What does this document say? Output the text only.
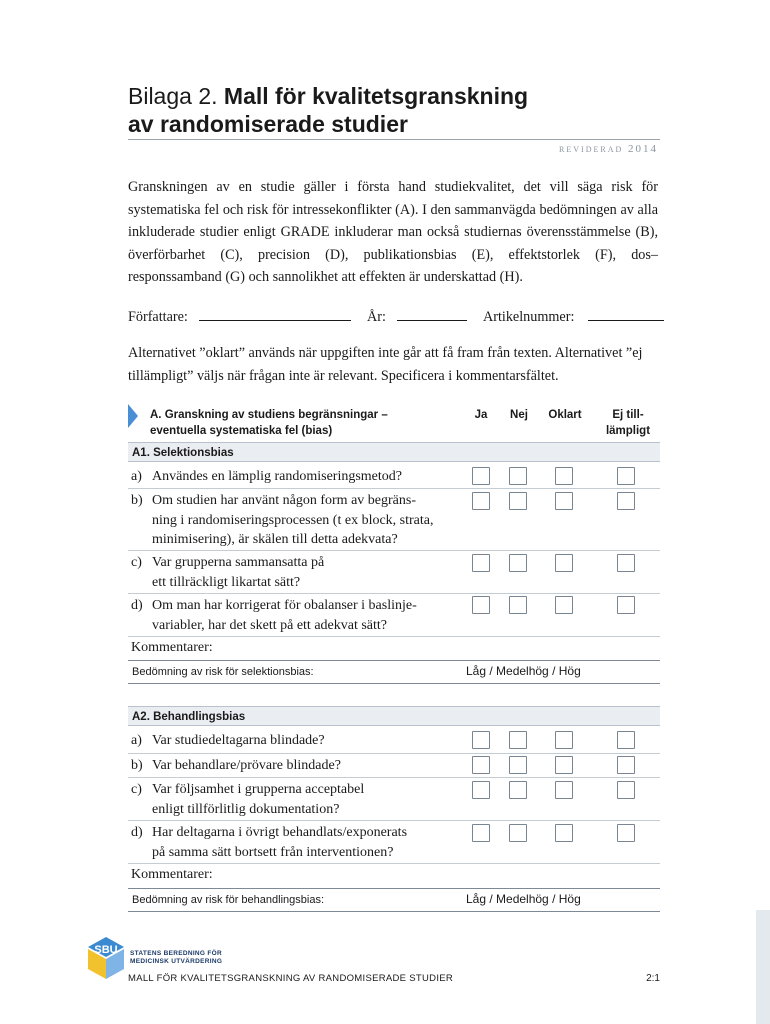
Bilaga 2. Mall för kvalitetsgranskning
av randomiserade studier
reviderad 2014
Granskningen av en studie gäller i första hand studiekvalitet, det vill säga risk för systematiska fel och risk för intressekonflikter (A). I den sammanvägda bedömningen av alla inkluderade studier enligt GRADE inkluderar man också studiernas överensstämmelse (B), överförbarhet (C), precision (D), publikationsbias (E), effektstorlek (F), dos–responssamband (G) och sannolikhet att effekten är underskattad (H).
Författare:	År:	Artikelnummer:
Alternativet ”oklart” används när uppgiften inte går att få fram från texten. Alternativet ”ej tillämpligt” väljs när frågan inte är relevant. Specificera i kommentarsfältet.
A. Granskning av studiens begränsningar –
eventuella systematiska fel (bias)
Ja	Nej	Oklart	Ej till-
lämpligt
A1. Selektionsbias
a) Användes en lämplig randomiseringsmetod?
b) Om studien har använt någon form av begräns-
ning i randomiseringsprocessen (t ex block, strata,
minimisering), är skälen till detta adekvata?
c) Var grupperna sammansatta på
ett tillräckligt likartat sätt?
d) Om man har korrigerat för obalanser i baslinje-
variabler, har det skett på ett adekvat sätt?
Kommentarer:
Bedömning av risk för selektionsbias:	Låg / Medelhög / Hög
A2. Behandlingsbias
a) Var studiedeltagarna blindade?
b) Var behandlare/prövare blindade?
c) Var följsamhet i grupperna acceptabel
enligt tillförlitlig dokumentation?
d) Har deltagarna i övrigt behandlats/exponerats
på samma sätt bortsett från interventionen?
Kommentarer:
Bedömning av risk för behandlingsbias:	Låg / Medelhög / Hög
SBU STATENS BEREDNING FÖR
MEDICINSK UTVÄRDERING
MALL FÖR KVALITETSGRANSKNING AV RANDOMISERADE STUDIER	2:1
